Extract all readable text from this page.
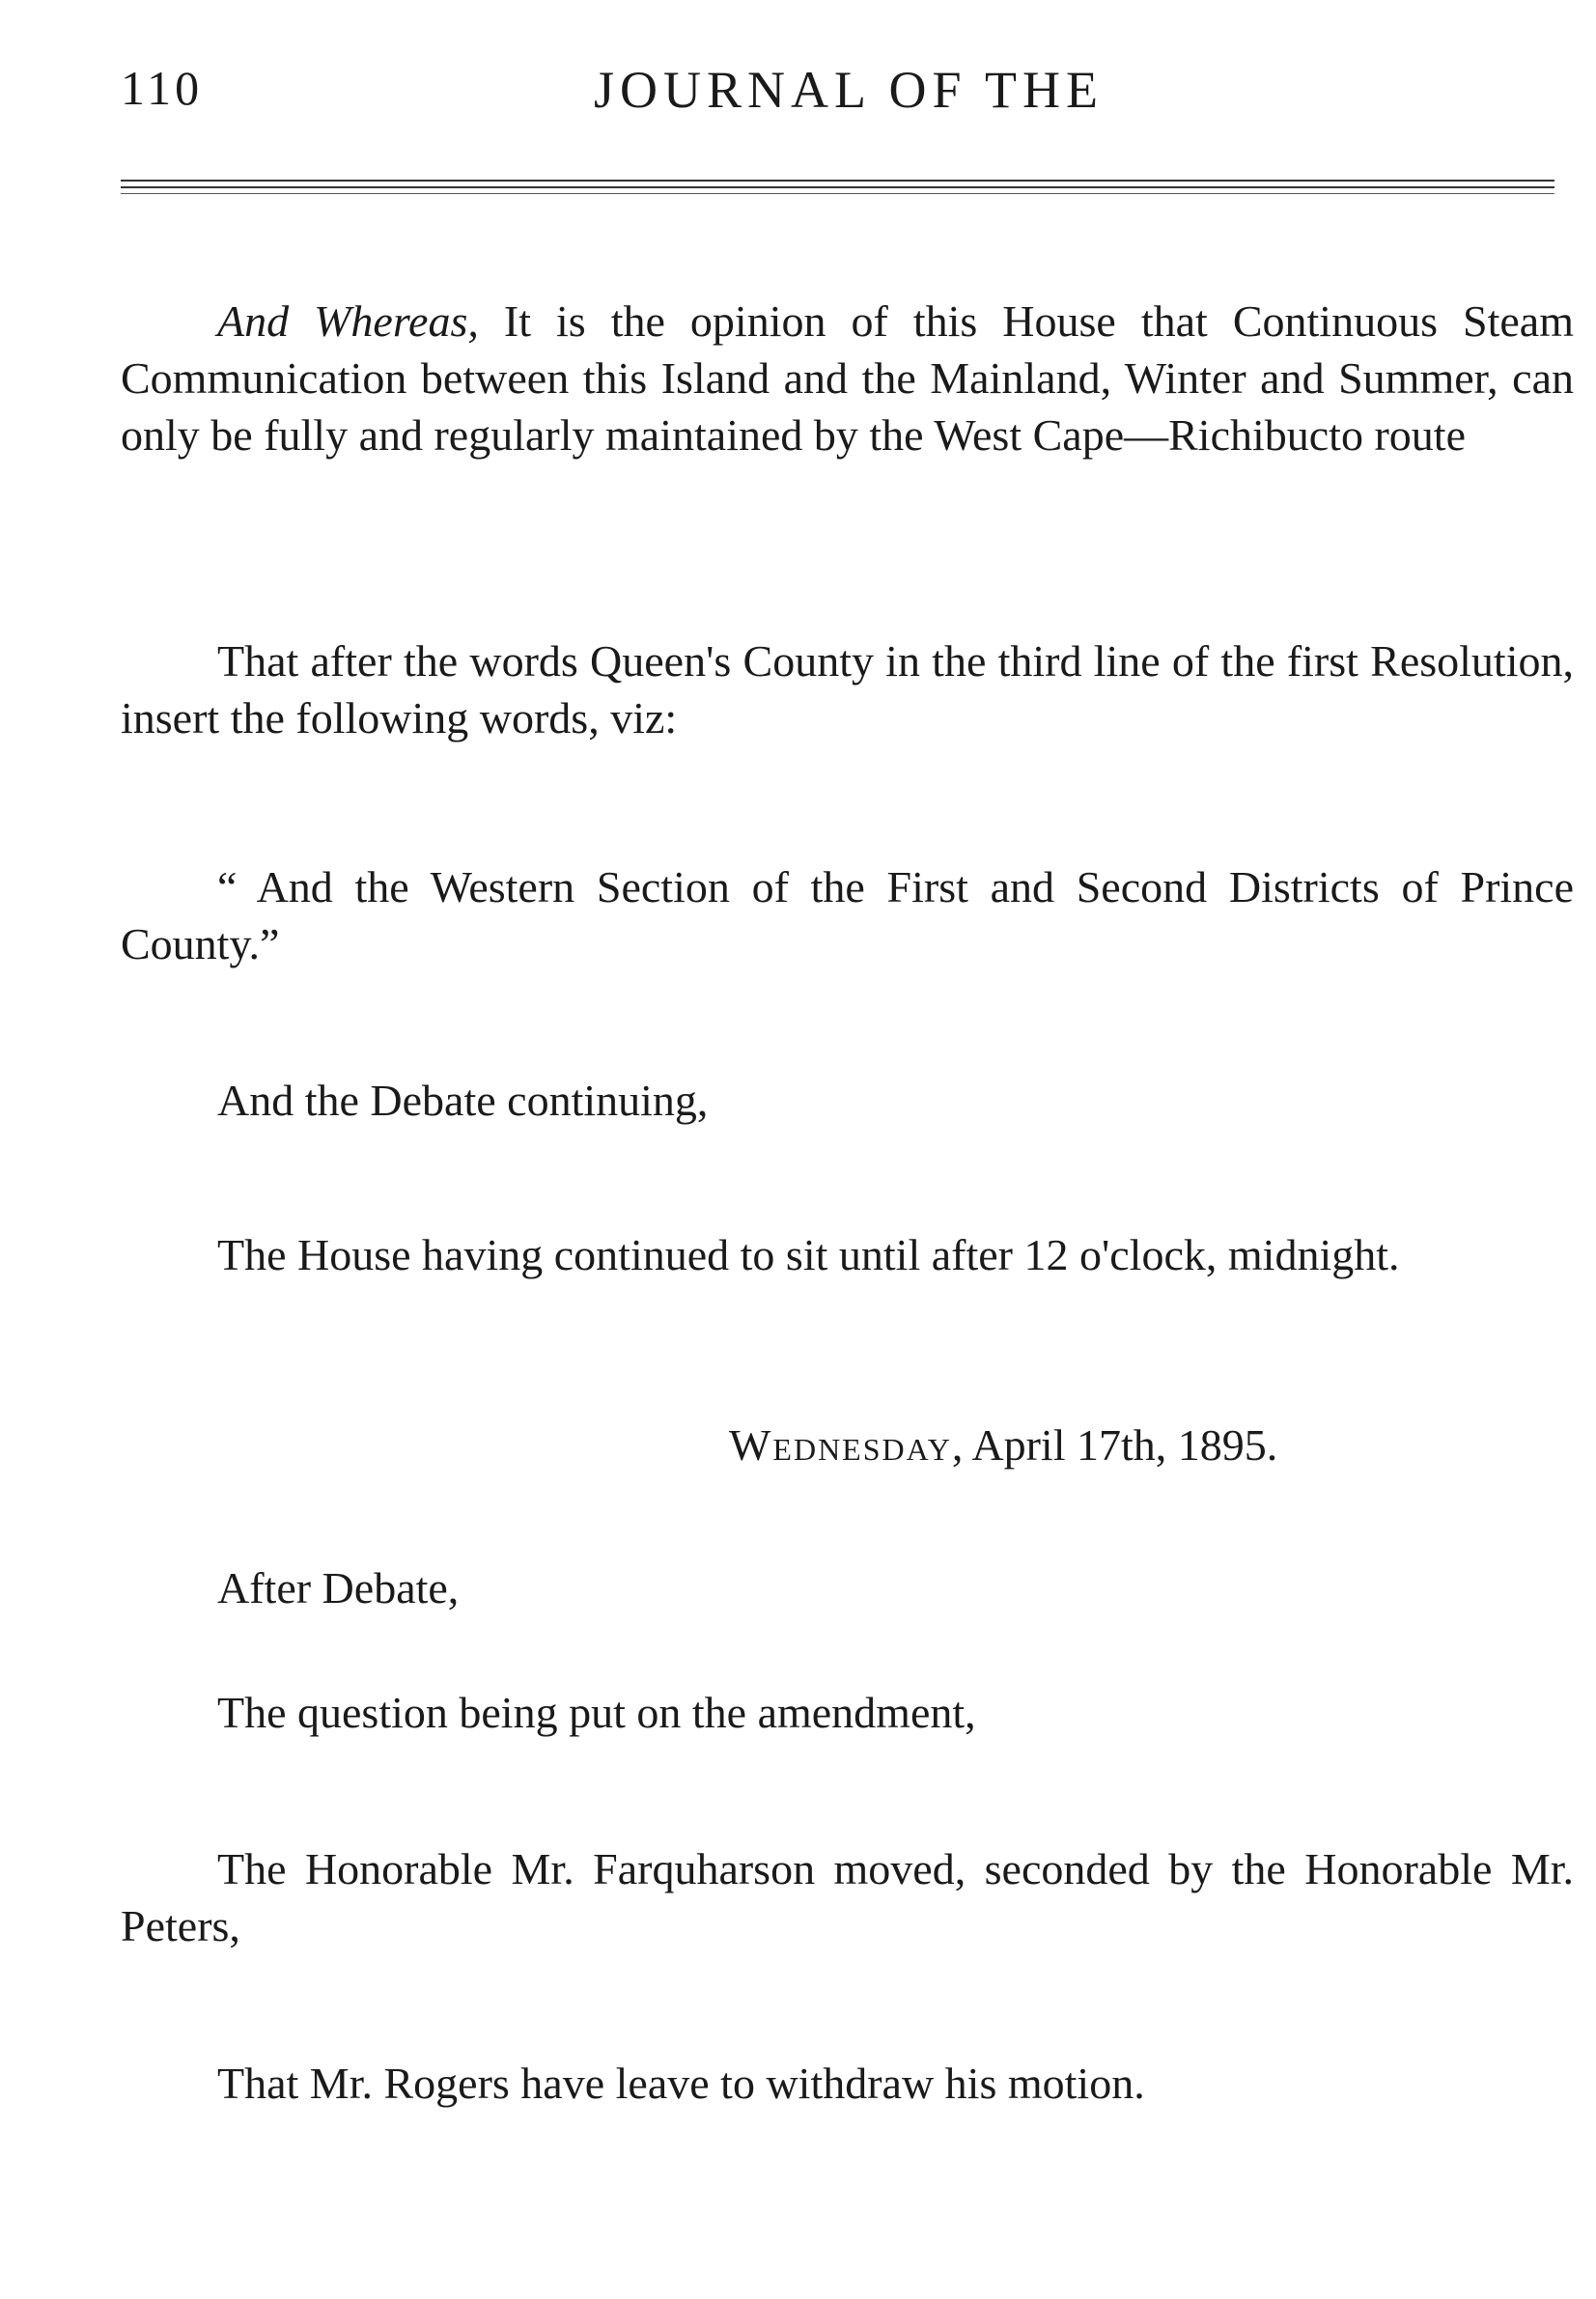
110	JOURNAL OF THE

And Whereas, It is the opinion of this House that Continuous Steam Communication between this Island and the Mainland, Winter and Summer, can only be fully and regularly maintained by the West Cape—Richibucto route

That after the words Queen's County in the third line of the first Resolution, insert the following words, viz:

“ And the Western Section of the First and Second Districts of Prince County.”

And the Debate continuing,

The House having continued to sit until after 12 o'clock, midnight.

After Debate,

The question being put on the amendment,

The Honorable Mr. Farquharson moved, seconded by the Honorable Mr. Peters,

That Mr. Rogers have leave to withdraw his motion.

Wednesday, April 17th, 1895.
